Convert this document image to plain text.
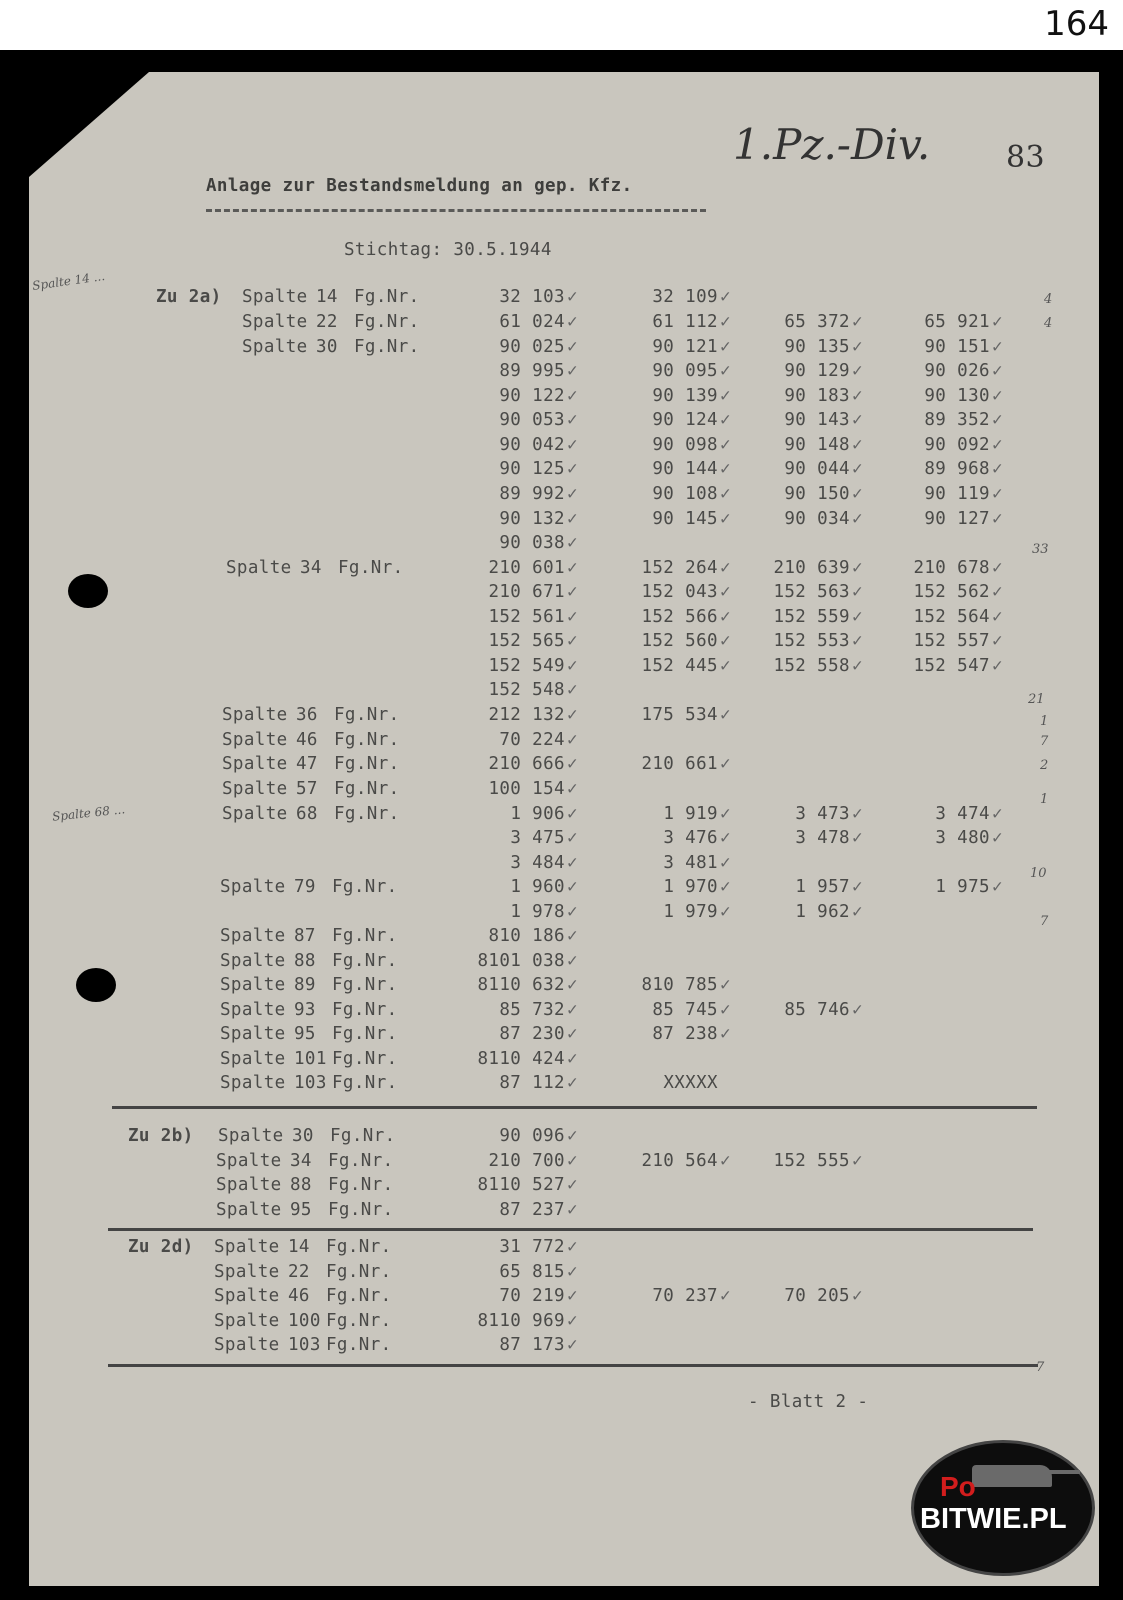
164
1.Pz.-Div.	83
Anlage zur Bestandsmeldung an gep. Kfz.
Stichtag: 30.5.1944
Spalte 14 ...
Spalte 68 ...
Zu 2a)
Zu 2b)
Zu 2d)
Spalte 14 Fg.Nr.	32 103 ✓	32 109 ✓
Spalte 22 Fg.Nr.	61 024 ✓	61 112 ✓	65 372 ✓	65 921 ✓
Spalte 30 Fg.Nr.	90 025 ✓	90 121 ✓	90 135 ✓	90 151 ✓
89 995 ✓	90 095 ✓	90 129 ✓	90 026 ✓
90 122 ✓	90 139 ✓	90 183 ✓	90 130 ✓
90 053 ✓	90 124 ✓	90 143 ✓	89 352 ✓
90 042 ✓	90 098 ✓	90 148 ✓	90 092 ✓
90 125 ✓	90 144 ✓	90 044 ✓	89 968 ✓
89 992 ✓	90 108 ✓	90 150 ✓	90 119 ✓
90 132 ✓	90 145 ✓	90 034 ✓	90 127 ✓
90 038 ✓
Spalte 34 Fg.Nr.	210 601 ✓	152 264 ✓	210 639 ✓	210 678 ✓
210 671 ✓	152 043 ✓	152 563 ✓	152 562 ✓
152 561 ✓	152 566 ✓	152 559 ✓	152 564 ✓
152 565 ✓	152 560 ✓	152 553 ✓	152 557 ✓
152 549 ✓	152 445 ✓	152 558 ✓	152 547 ✓
152 548 ✓
Spalte 36 Fg.Nr.	212 132 ✓	175 534 ✓
Spalte 46 Fg.Nr.	70 224 ✓
Spalte 47 Fg.Nr.	210 666 ✓	210 661 ✓
Spalte 57 Fg.Nr.	100 154 ✓
Spalte 68 Fg.Nr.	1 906 ✓	1 919 ✓	3 473 ✓	3 474 ✓
3 475 ✓	3 476 ✓	3 478 ✓	3 480 ✓
3 484 ✓	3 481 ✓
Spalte 79 Fg.Nr.	1 960 ✓	1 970 ✓	1 957 ✓	1 975 ✓
1 978 ✓	1 979 ✓	1 962 ✓
Spalte 87 Fg.Nr.	810 186 ✓
Spalte 88 Fg.Nr.	8101 038 ✓
Spalte 89 Fg.Nr.	8110 632 ✓	810 785 ✓
Spalte 93 Fg.Nr.	85 732 ✓	85 745 ✓	85 746 ✓
Spalte 95 Fg.Nr.	87 230 ✓	87 238 ✓
Spalte 101 Fg.Nr.	8110 424 ✓
Spalte 103 Fg.Nr.	87 112 ✓	XXXXX
Spalte 30 Fg.Nr.	90 096 ✓
Spalte 34 Fg.Nr.	210 700 ✓	210 564 ✓	152 555 ✓
Spalte 88 Fg.Nr.	8110 527 ✓
Spalte 95 Fg.Nr.	87 237 ✓
Spalte 14 Fg.Nr.	31 772 ✓
Spalte 22 Fg.Nr.	65 815 ✓
Spalte 46 Fg.Nr.	70 219 ✓	70 237 ✓	70 205 ✓
Spalte 100 Fg.Nr.	8110 969 ✓
Spalte 103 Fg.Nr.	87 173 ✓
4
4
33
21
1
7
2
1
10
7
7
- Blatt 2 -
Po
BITWIE.PL
